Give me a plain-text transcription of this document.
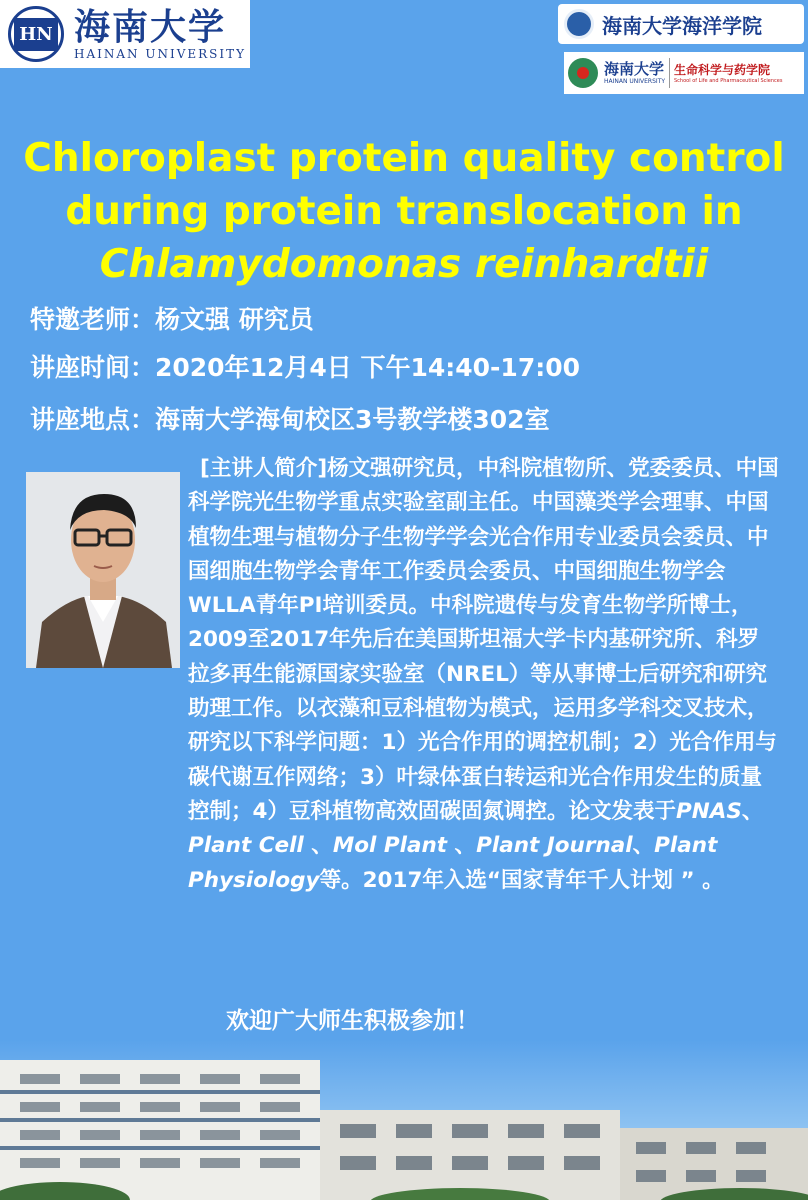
HN 海南大学
HAINAN UNIVERSITY
海南大学海洋学院
海南大学
HAINAN UNIVERSITY
生命科学与药学院
School of Life and Pharmaceutical Sciences
Chloroplast protein quality control
during protein translocation in
Chlamydomonas reinhardtii
特邀老师：杨文强 研究员
讲座时间：2020年12月4日 下午14:40-17:00
讲座地点：海南大学海甸校区3号教学楼302室
[主讲人简介]杨文强研究员，中科院植物所、党委委员、中国科学院光生物学重点实验室副主任。中国藻类学会理事、中国植物生理与植物分子生物学学会光合作用专业委员会委员、中国细胞生物学会青年工作委员会委员、中国细胞生物学会WLLA青年PI培训委员。中科院遗传与发育生物学所博士，2009至2017年先后在美国斯坦福大学卡内基研究所、科罗拉多再生能源国家实验室（NREL）等从事博士后研究和研究助理工作。以衣藻和豆科植物为模式，运用多学科交叉技术，研究以下科学问题：1）光合作用的调控机制；2）光合作用与碳代谢互作网络；3）叶绿体蛋白转运和光合作用发生的质量控制；4）豆科植物高效固碳固氮调控。论文发表于PNAS、Plant Cell 、Mol Plant 、Plant Journal、Plant Physiology等。2017年入选“国家青年千人计划 ” 。
欢迎广大师生积极参加！
